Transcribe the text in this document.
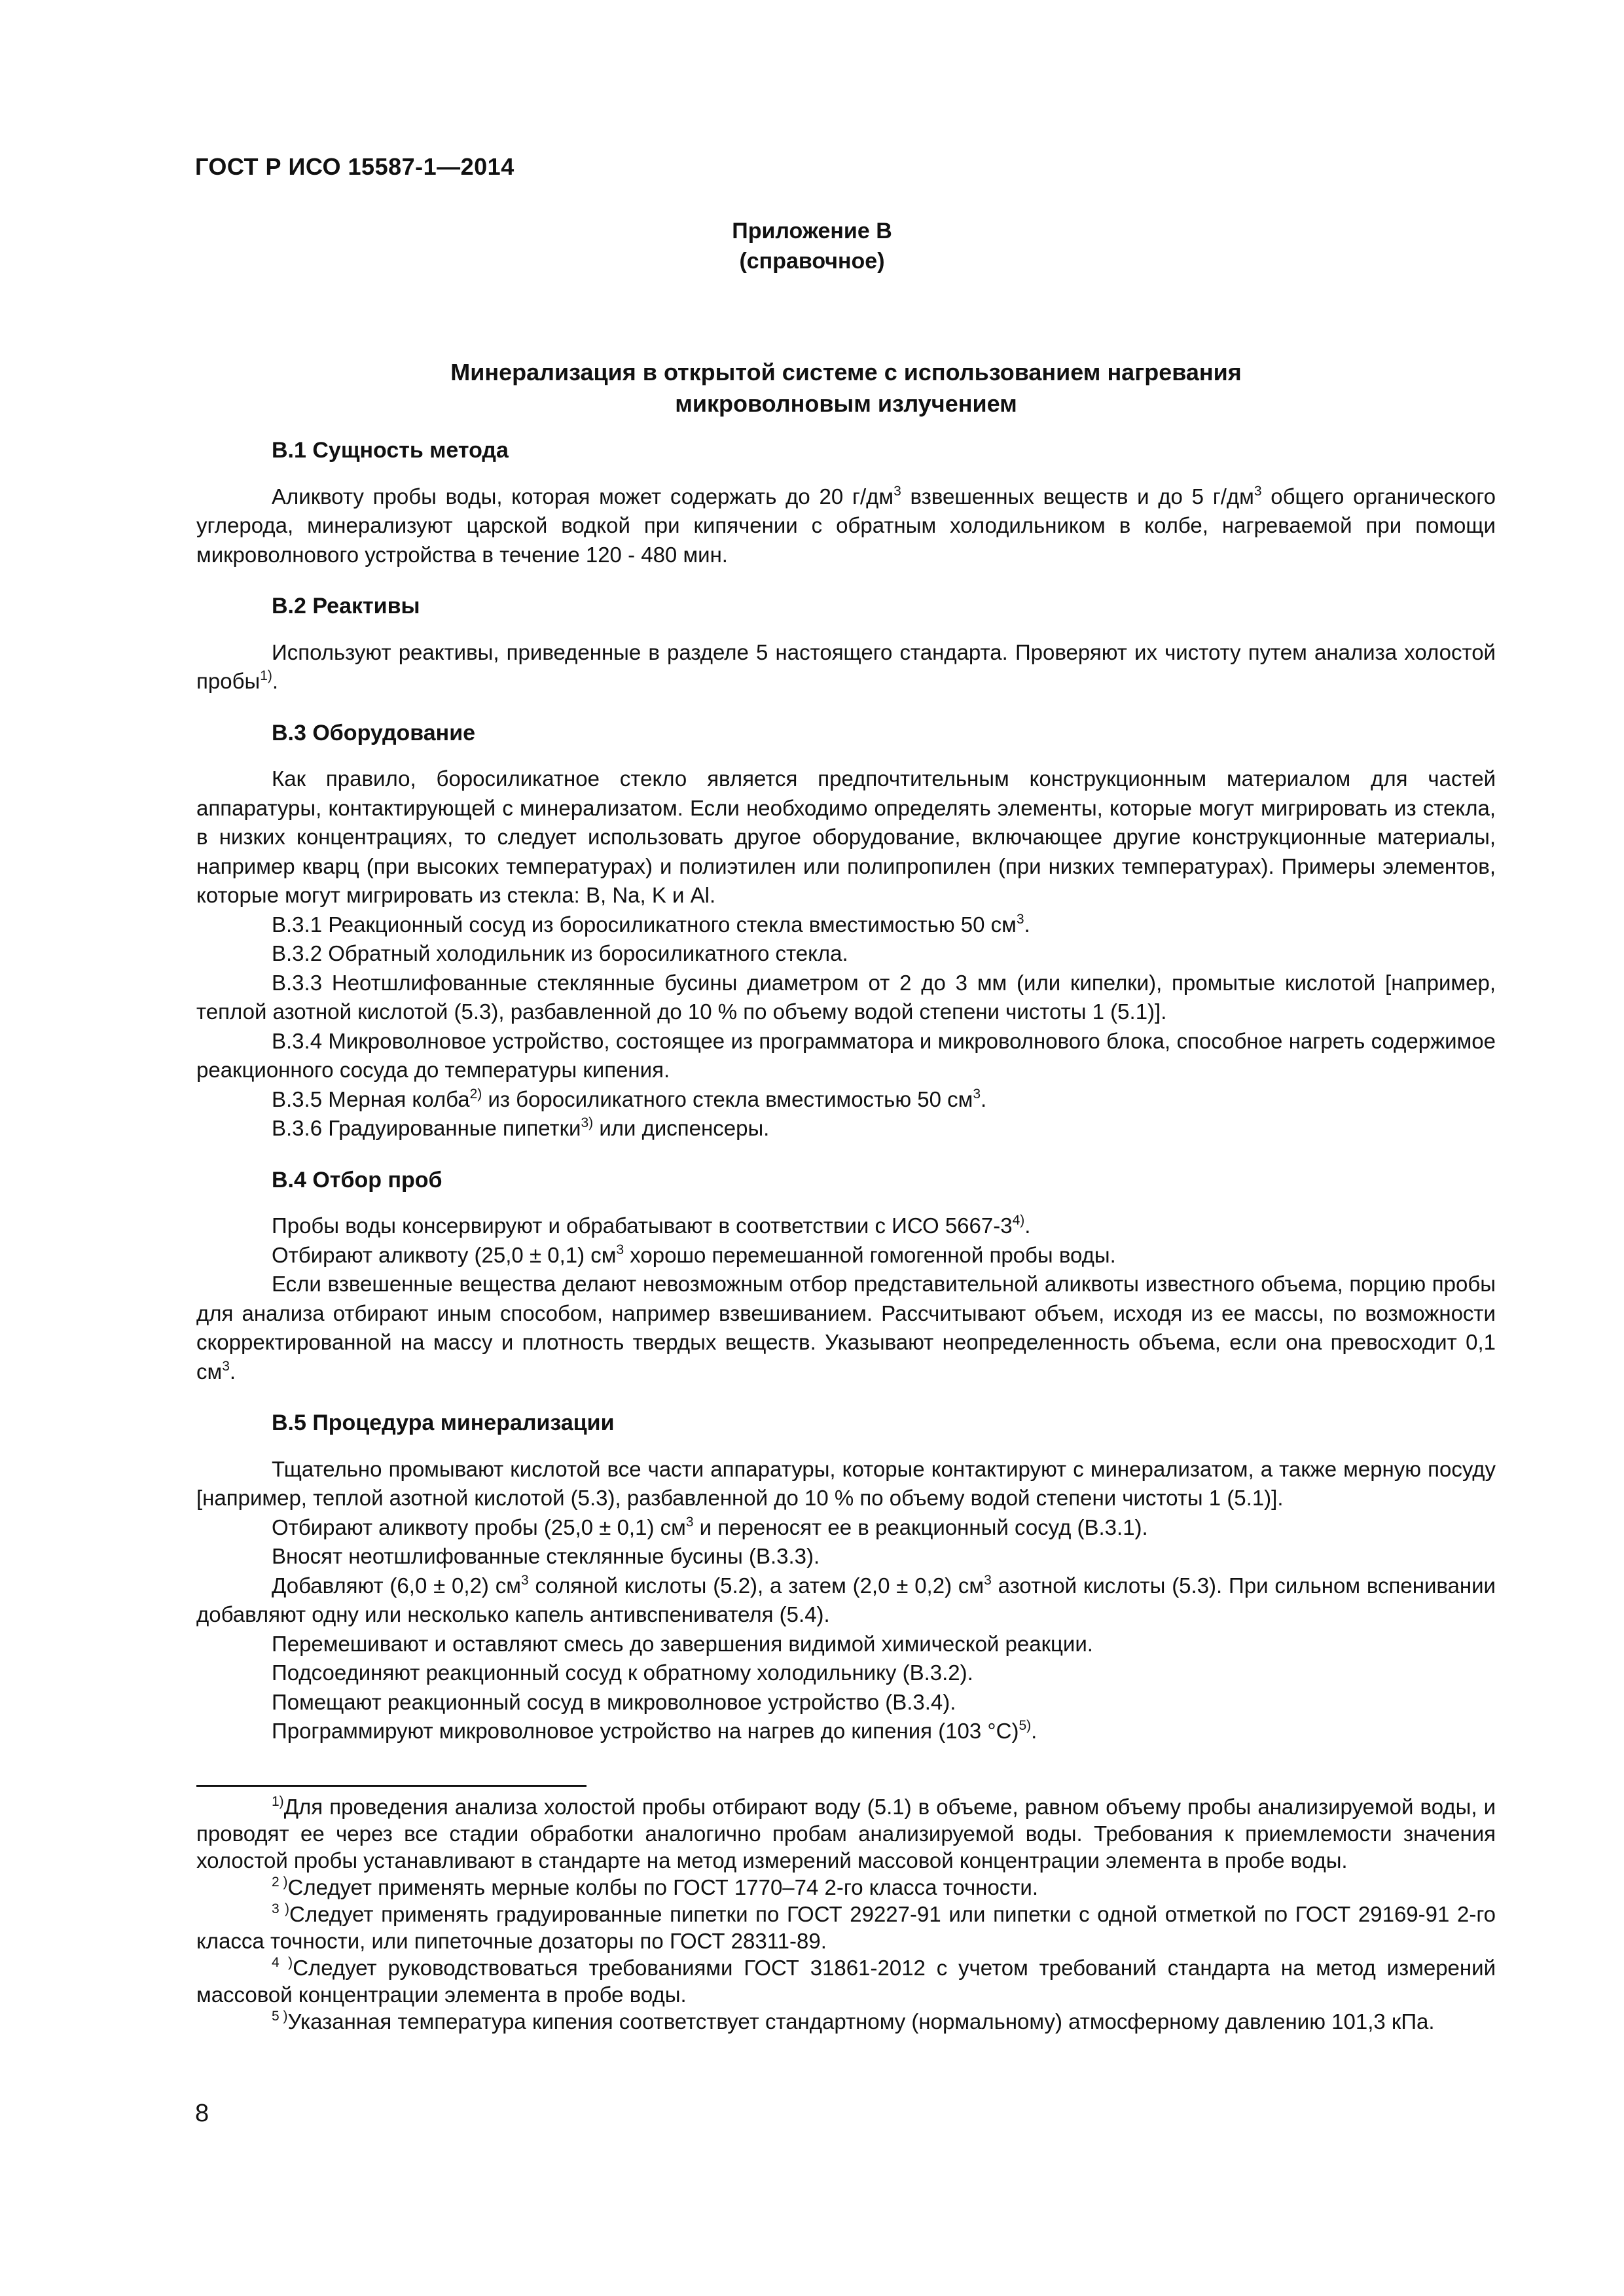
ГОСТ Р ИСО 15587-1—2014
Приложение В
(справочное)
Минерализация в открытой системе с использованием нагревания
микроволновым излучением
В.1 Сущность метода

Аликвоту пробы воды, которая может содержать до 20 $г/дм^3$ взвешенных веществ и до 5 $г/дм^3$ общего органического углерода, минерализуют царской водкой при кипячении с обратным холодильником в колбе, нагреваемой при помощи микроволнового устройства в течение 120 - 480 мин.

В.2 Реактивы

Используют реактивы, приведенные в разделе 5 настоящего стандарта. Проверяют их чистоту путем анализа холостой пробы$^{1)}$.

В.3 Оборудование

Как правило, боросиликатное стекло является предпочтительным конструкционным материалом для частей аппаратуры, контактирующей с минерализатом. Если необходимо определять элементы, которые могут мигрировать из стекла, в низких концентрациях, то следует использовать другое оборудование, включающее другие конструкционные материалы, например кварц (при высоких температурах) и полиэтилен или полипропилен (при низких температурах). Примеры элементов, которые могут мигрировать из стекла: В, Na, K и Al.

В.3.1 Реакционный сосуд из боросиликатного стекла вместимостью 50 $см^3$.

В.3.2 Обратный холодильник из боросиликатного стекла.

В.3.3 Неотшлифованные стеклянные бусины диаметром от 2 до 3 мм (или кипелки), промытые кислотой [например, теплой азотной кислотой (5.3), разбавленной до 10 % по объему водой степени чистоты 1 (5.1)].

В.3.4 Микроволновое устройство, состоящее из программатора и микроволнового блока, способное нагреть содержимое реакционного сосуда до температуры кипения.

В.3.5 Мерная колба$^{2)}$ из боросиликатного стекла вместимостью 50 $см^3$.

В.3.6 Градуированные пипетки$^{3)}$ или диспенсеры.

В.4 Отбор проб

Пробы воды консервируют и обрабатывают в соответствии с ИСО 5667-3$^{4)}$.

Отбирают аликвоту (25,0 ± 0,1) $см^3$ хорошо перемешанной гомогенной пробы воды.

Если взвешенные вещества делают невозможным отбор представительной аликвоты известного объема, порцию пробы для анализа отбирают иным способом, например взвешиванием. Рассчитывают объем, исходя из ее массы, по возможности скорректированной на массу и плотность твердых веществ. Указывают неопределенность объема, если она превосходит 0,1 $см^3$.

В.5 Процедура минерализации

Тщательно промывают кислотой все части аппаратуры, которые контактируют с минерализатом, а также мерную посуду [например, теплой азотной кислотой (5.3), разбавленной до 10 % по объему водой степени чистоты 1 (5.1)].

Отбирают аликвоту пробы (25,0 ± 0,1) $см^3$ и переносят ее в реакционный сосуд (В.3.1).

Вносят неотшлифованные стеклянные бусины (В.3.3).

Добавляют (6,0 ± 0,2) $см^3$ соляной кислоты (5.2), а затем (2,0 ± 0,2) $см^3$ азотной кислоты (5.3). При сильном вспенивании добавляют одну или несколько капель антивспенивателя (5.4).

Перемешивают и оставляют смесь до завершения видимой химической реакции.

Подсоединяют реакционный сосуд к обратному холодильнику (В.3.2).

Помещают реакционный сосуд в микроволновое устройство (В.3.4).

Программируют микроволновое устройство на нагрев до кипения (103 °С)$^{5)}$.

$^{1)}$Для проведения анализа холостой пробы отбирают воду (5.1) в объеме, равном объему пробы анализируемой воды, и проводят ее через все стадии обработки аналогично пробам анализируемой воды. Требования к приемлемости значения холостой пробы устанавливают в стандарте на метод измерений массовой концентрации элемента в пробе воды.

$^{2 )}$Следует применять мерные колбы по ГОСТ 1770–74 2-го класса точности.

$^{3 )}$Следует применять градуированные пипетки по ГОСТ 29227-91 или пипетки с одной отметкой по ГОСТ 29169-91 2-го класса точности, или пипеточные дозаторы по ГОСТ 28311-89.

$^{4 )}$Следует руководствоваться требованиями ГОСТ 31861-2012 с учетом требований стандарта на метод измерений массовой концентрации элемента в пробе воды.

$^{5 )}$Указанная температура кипения соответствует стандартному (нормальному) атмосферному давлению 101,3 кПа.

8
